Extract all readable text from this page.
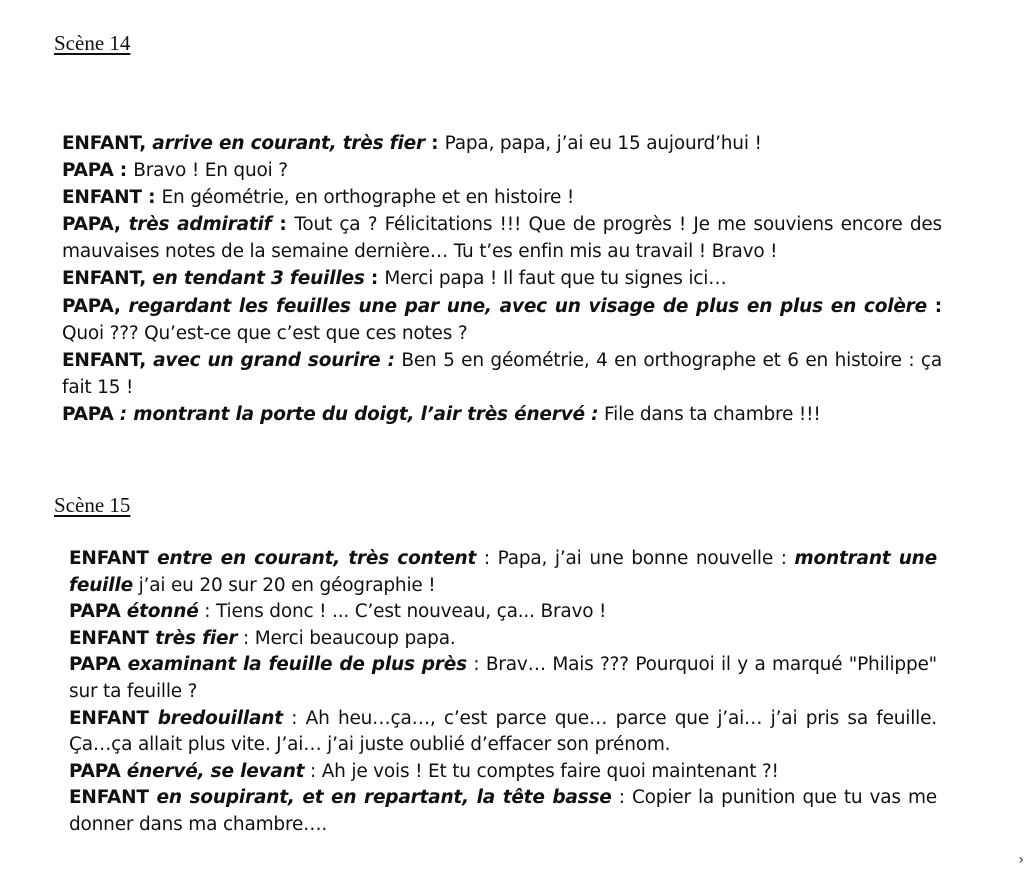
Scène 14

ENFANT, arrive en courant, très fier : Papa, papa, j’ai eu 15 aujourd’hui !

PAPA : Bravo ! En quoi ?

ENFANT : En géométrie, en orthographe et en histoire !

PAPA, très admiratif : Tout ça ? Félicitations !!! Que de progrès ! Je me souviens encore des mauvaises notes de la semaine dernière… Tu t’es enfin mis au travail ! Bravo !

ENFANT, en tendant 3 feuilles : Merci papa ! Il faut que tu signes ici…

PAPA, regardant les feuilles une par une, avec un visage de plus en plus en colère : Quoi ??? Qu’est-ce que c’est que ces notes ?

ENFANT, avec un grand sourire : Ben 5 en géométrie, 4 en orthographe et 6 en histoire : ça fait 15 !

PAPA : montrant la porte du doigt, l’air très énervé : File dans ta chambre !!!

Scène 15

ENFANT entre en courant, très content : Papa, j’ai une bonne nouvelle : montrant une feuille j’ai eu 20 sur 20 en géographie !

PAPA étonné : Tiens donc ! ... C’est nouveau, ça... Bravo !

ENFANT très fier : Merci beaucoup papa.

PAPA examinant la feuille de plus près : Brav… Mais ??? Pourquoi il y a marqué "Philippe" sur ta feuille ?

ENFANT bredouillant : Ah heu…ça…, c’est parce que… parce que j’ai… j’ai pris sa feuille. Ça…ça allait plus vite. J’ai… j’ai juste oublié d’effacer son prénom.

PAPA énervé, se levant : Ah je vois ! Et tu comptes faire quoi maintenant ?!

ENFANT en soupirant, et en repartant, la tête basse : Copier la punition que tu vas me donner dans ma chambre….

›
